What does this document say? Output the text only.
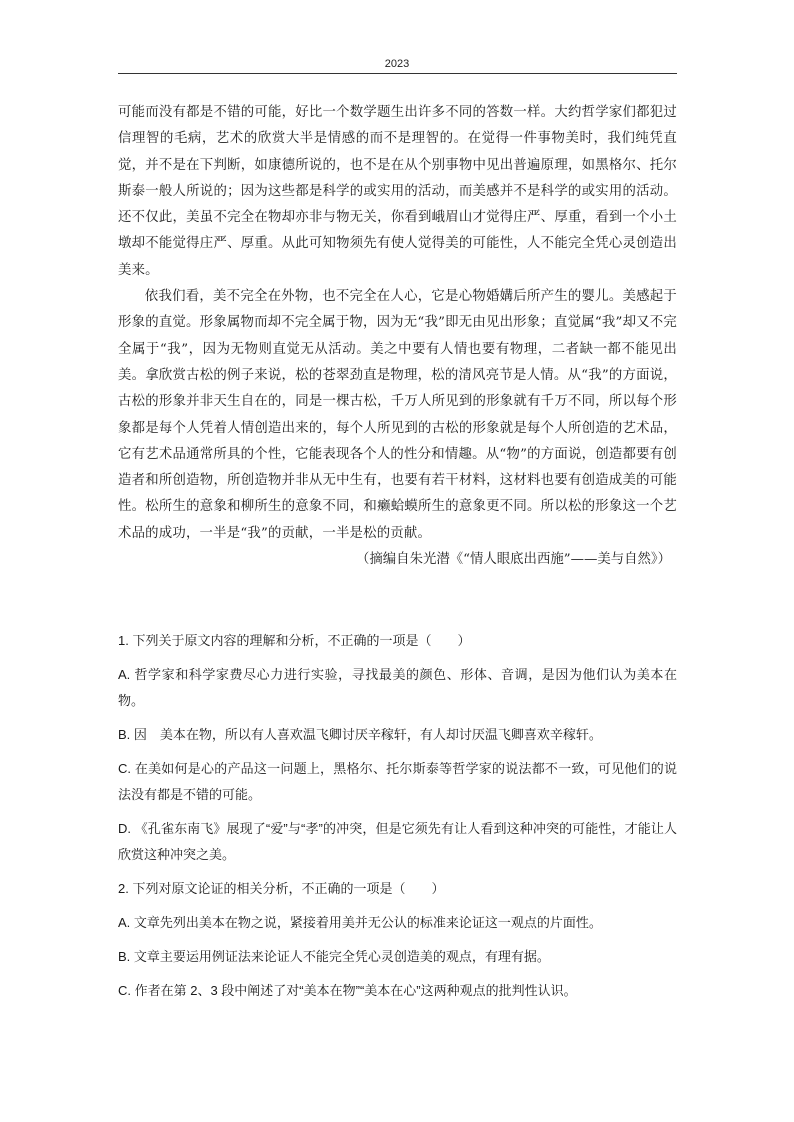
2023

可能而没有都是不错的可能，好比一个数学题生出许多不同的答数一样。大约哲学家们都犯过信理智的毛病，艺术的欣赏大半是情感的而不是理智的。在觉得一件事物美时，我们纯凭直觉，并不是在下判断，如康德所说的，也不是在从个别事物中见出普遍原理，如黑格尔、托尔斯泰一般人所说的；因为这些都是科学的或实用的活动，而美感并不是科学的或实用的活动。还不仅此，美虽不完全在物却亦非与物无关，你看到峨眉山才觉得庄严、厚重，看到一个小土墩却不能觉得庄严、厚重。从此可知物须先有使人觉得美的可能性，人不能完全凭心灵创造出美来。

依我们看，美不完全在外物，也不完全在人心，它是心物婚媾后所产生的婴儿。美感起于形象的直觉。形象属物而却不完全属于物，因为无“我”即无由见出形象；直觉属“我”却又不完全属于“我”，因为无物则直觉无从活动。美之中要有人情也要有物理，二者缺一都不能见出美。拿欣赏古松的例子来说，松的苍翠劲直是物理，松的清风亮节是人情。从“我”的方面说，古松的形象并非天生自在的，同是一棵古松，千万人所见到的形象就有千万不同，所以每个形象都是每个人凭着人情创造出来的，每个人所见到的古松的形象就是每个人所创造的艺术品，它有艺术品通常所具的个性，它能表现各个人的性分和情趣。从“物”的方面说，创造都要有创造者和所创造物，所创造物并非从无中生有，也要有若干材料，这材料也要有创造成美的可能性。松所生的意象和柳所生的意象不同，和癞蛤蟆所生的意象更不同。所以松的形象这一个艺术品的成功，一半是“我”的贡献，一半是松的贡献。

（摘编自朱光潜《“情人眼底出西施”——美与自然》）

1. 下列关于原文内容的理解和分析，不正确的一项是（　　）

A. 哲学家和科学家费尽心力进行实验，寻找最美的颜色、形体、音调，是因为他们认为美本在物。

B. 因　美本在物，所以有人喜欢温飞卿讨厌辛稼轩，有人却讨厌温飞卿喜欢辛稼轩。

C. 在美如何是心的产品这一问题上，黑格尔、托尔斯泰等哲学家的说法都不一致，可见他们的说法没有都是不错的可能。

D. 《孔雀东南飞》展现了“爱”与“孝”的冲突，但是它须先有让人看到这种冲突的可能性，才能让人欣赏这种冲突之美。

2. 下列对原文论证的相关分析，不正确的一项是（　　）

A. 文章先列出美本在物之说，紧接着用美并无公认的标准来论证这一观点的片面性。

B. 文章主要运用例证法来论证人不能完全凭心灵创造美的观点，有理有据。

C. 作者在第 2、3 段中阐述了对“美本在物”“美本在心”这两种观点的批判性认识。
